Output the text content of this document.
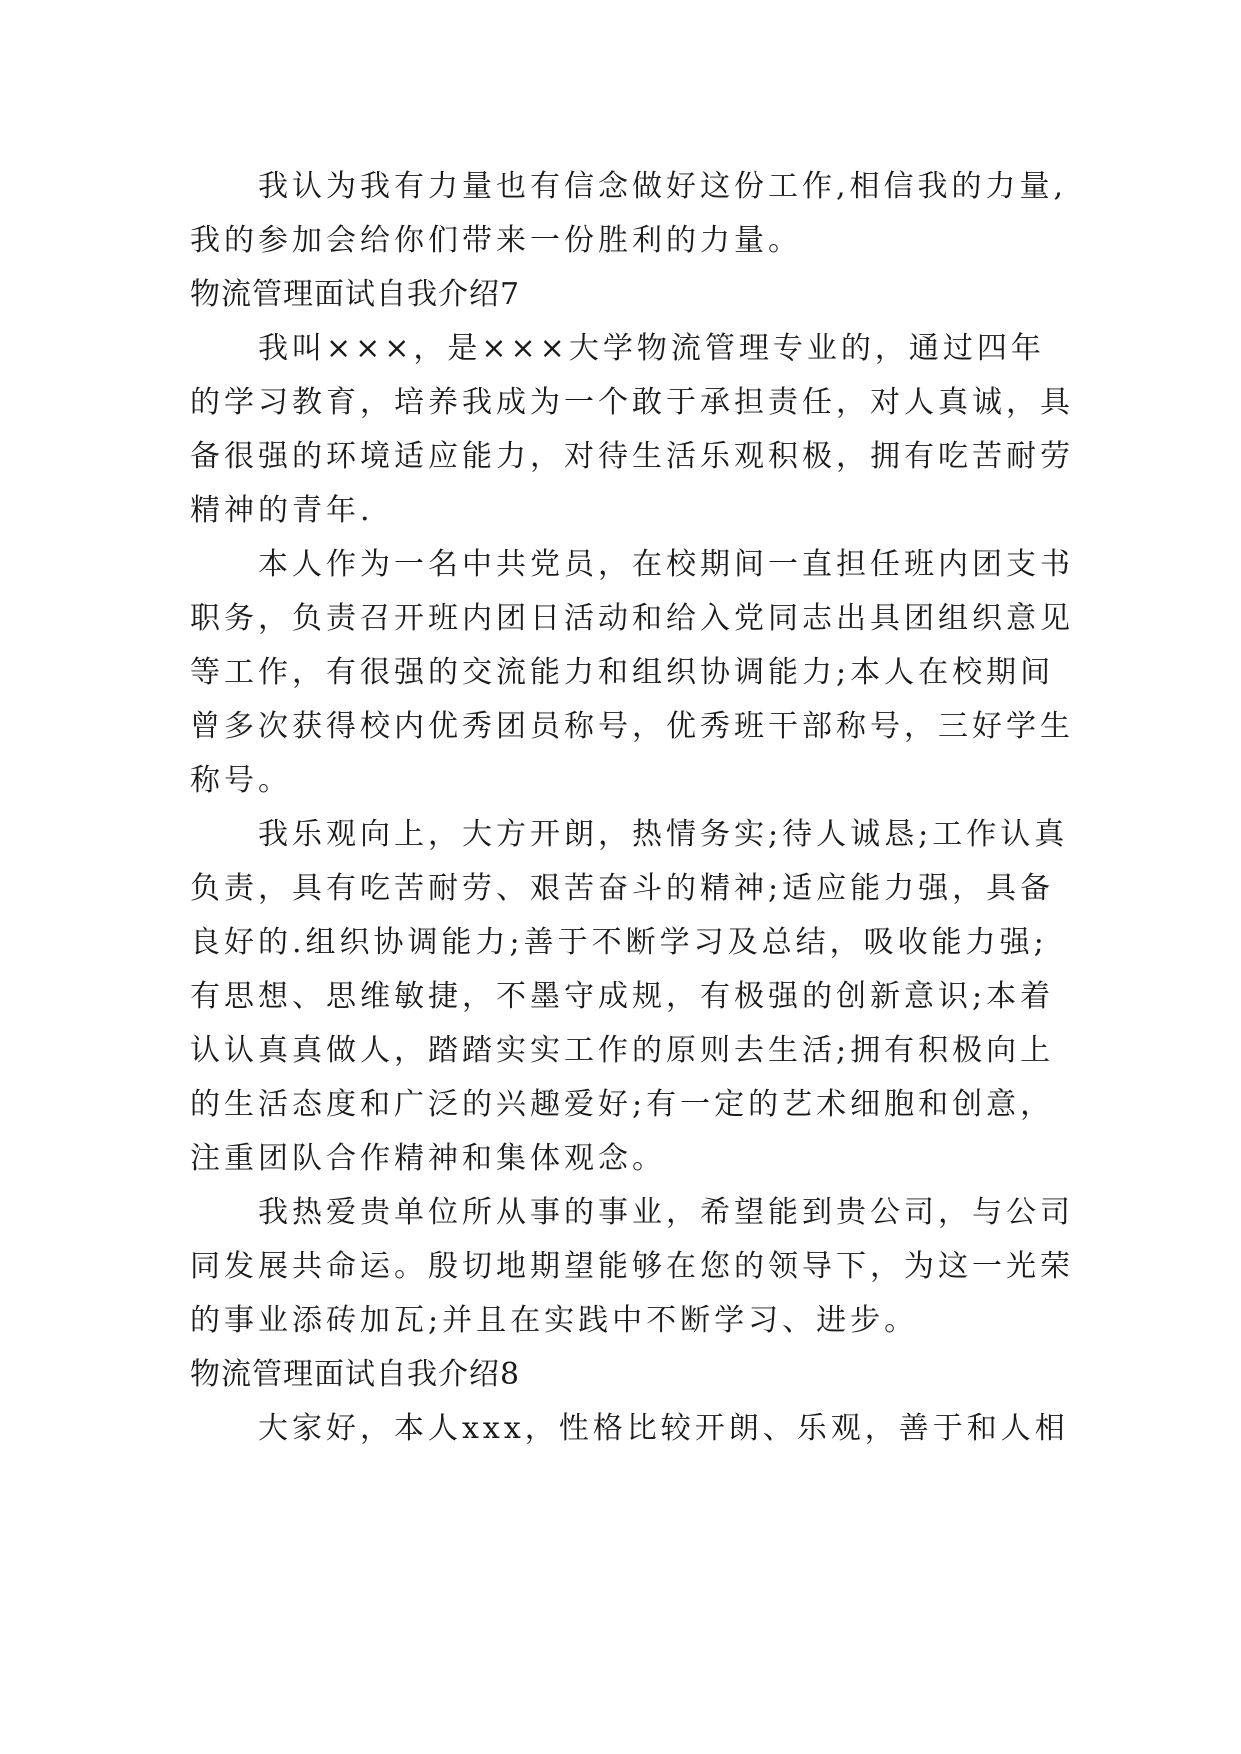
我认为我有力量也有信念做好这份工作,相信我的力量,
我的参加会给你们带来一份胜利的力量。
物流管理面试自我介绍7
我叫×××，是×××大学物流管理专业的，通过四年
的学习教育，培养我成为一个敢于承担责任，对人真诚，具
备很强的环境适应能力，对待生活乐观积极，拥有吃苦耐劳
精神的青年.
本人作为一名中共党员，在校期间一直担任班内团支书
职务，负责召开班内团日活动和给入党同志出具团组织意见
等工作，有很强的交流能力和组织协调能力;本人在校期间
曾多次获得校内优秀团员称号，优秀班干部称号，三好学生
称号。
我乐观向上，大方开朗，热情务实;待人诚恳;工作认真
负责，具有吃苦耐劳、艰苦奋斗的精神;适应能力强，具备
良好的.组织协调能力;善于不断学习及总结，吸收能力强;
有思想、思维敏捷，不墨守成规，有极强的创新意识;本着
认认真真做人，踏踏实实工作的原则去生活;拥有积极向上
的生活态度和广泛的兴趣爱好;有一定的艺术细胞和创意，
注重团队合作精神和集体观念。
我热爱贵单位所从事的事业，希望能到贵公司，与公司
同发展共命运。殷切地期望能够在您的领导下，为这一光荣
的事业添砖加瓦;并且在实践中不断学习、进步。
物流管理面试自我介绍8
大家好，本人xxx，性格比较开朗、乐观，善于和人相
